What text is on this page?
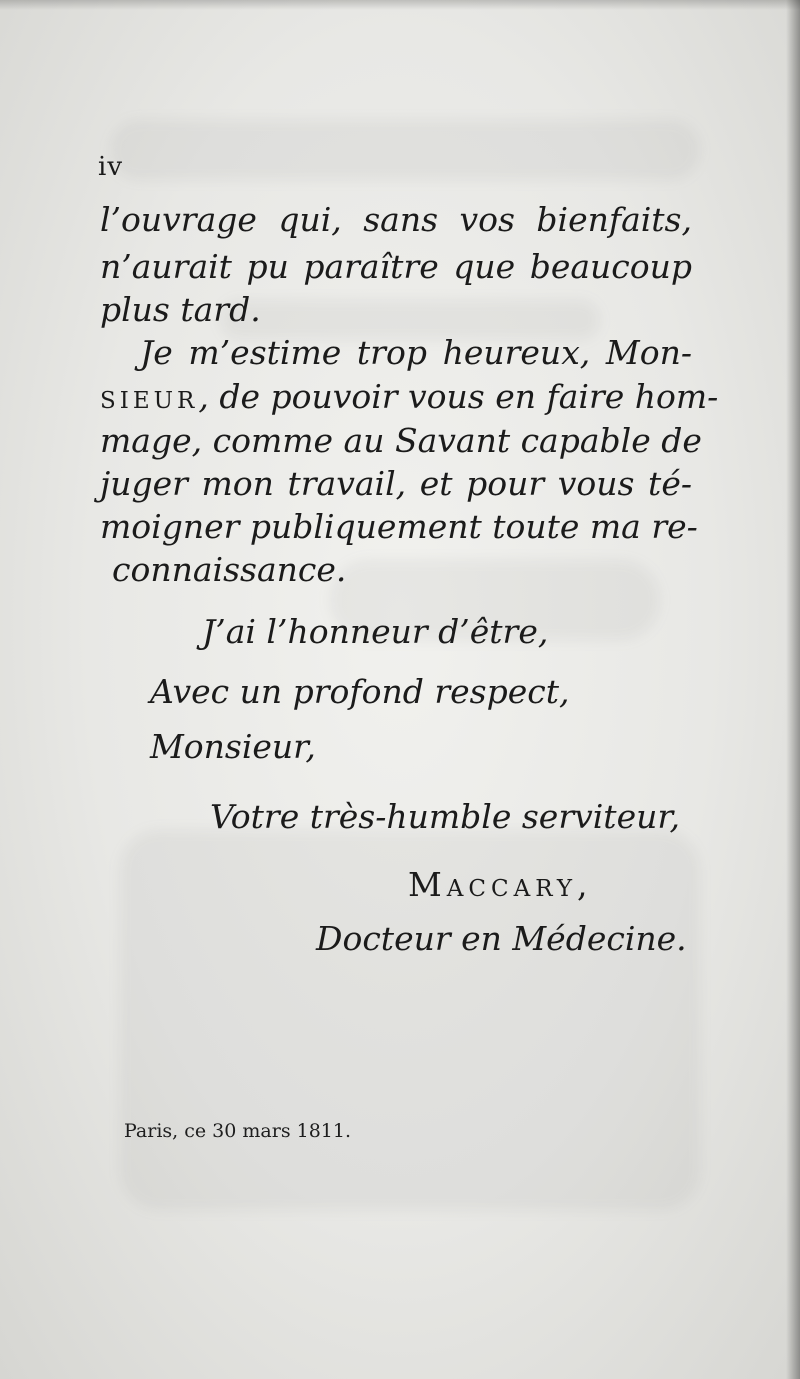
iv
l’ouvrage qui, sans vos bienfaits,
n’aurait pu paraître que beaucoup
plus tard.
Je m’estime trop heureux, Mon-
sieur, de pouvoir vous en faire hom-
mage, comme au Savant capable de
juger mon travail, et pour vous té-
moigner publiquement toute ma re-
connaissance.
J’ai l’honneur d’être,
Avec un profond respect,
Monsieur,
Votre très-humble serviteur,
Maccary,
Docteur en Médecine.
Paris, ce 30 mars 1811.
